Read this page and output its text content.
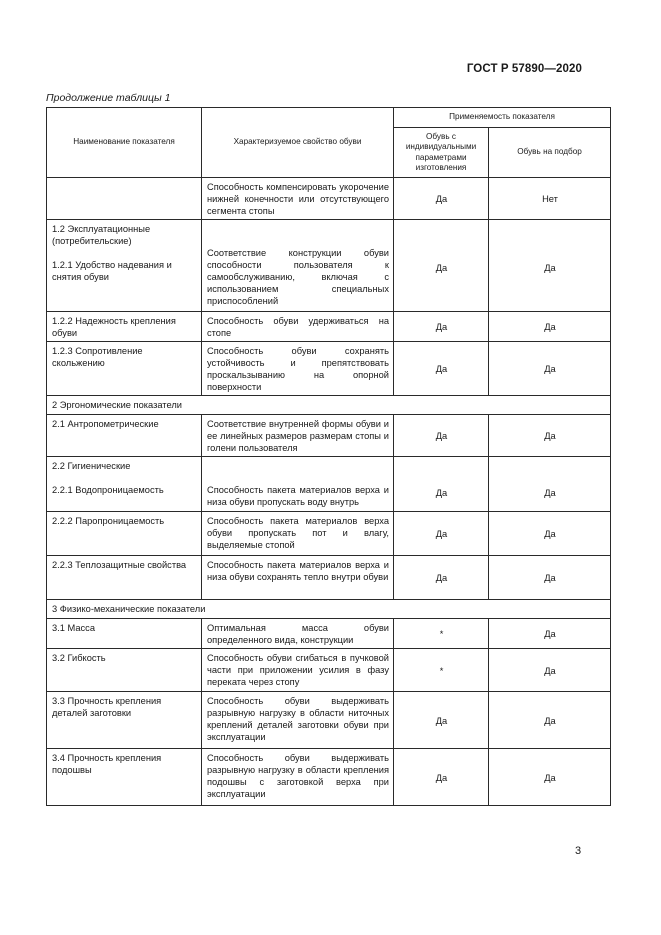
ГОСТ Р 57890—2020
Продолжение таблицы 1
Наименование показателя	Характеризуемое свойство обуви	Применяемость показателя	
		Обувь с индивидуальными параметрами изготовления	Обувь на подбор
	Способность компенсировать укорочение нижней конечности или отсутствующего сегмента стопы	Да	Нет

1.2 Эксплуатационные (потребительские)
1.2.1 Удобство надевания и снятия обуви	Соответствие конструкции обуви способности пользователя к самообслуживанию, включая с использованием специальных приспособлений	Да	Да
1.2.2 Надежность крепления обуви	Способность обуви удерживаться на стопе	Да	Да
1.2.3 Сопротивление скольжению	Способность обуви сохранять устойчивость и препятствовать проскальзыванию на опорной поверхности	Да	Да
2 Эргономические показатели			
2.1 Антропометрические	Соответствие внутренней формы обуви и ее линейных размеров размерам стопы и голени пользователя	Да	Да

2.2 Гигиенические
2.2.1 Водопроницаемость	Способность пакета материалов верха и низа обуви пропускать воду внутрь	Да	Да
2.2.2 Паропроницаемость	Способность пакета материалов верха обуви пропускать пот и влагу, выделяемые стопой	Да	Да
2.2.3 Теплозащитные свойства	Способность пакета материалов верха и низа обуви сохранять тепло внутри обуви	Да	Да
3 Физико-механические показатели			
3.1 Масса	Оптимальная масса обуви определенного вида, конструкции	*	Да
3.2 Гибкость	Способность обуви сгибаться в пучковой части при приложении усилия в фазу переката через стопу	*	Да
3.3 Прочность крепления деталей заготовки	Способность обуви выдерживать разрывную нагрузку в области ниточных креплений деталей заготовки обуви при эксплуатации	Да	Да
3.4 Прочность крепления подошвы	Способность обуви выдерживать разрывную нагрузку в области крепления подошвы с заготовкой верха при эксплуатации	Да	Да
3
